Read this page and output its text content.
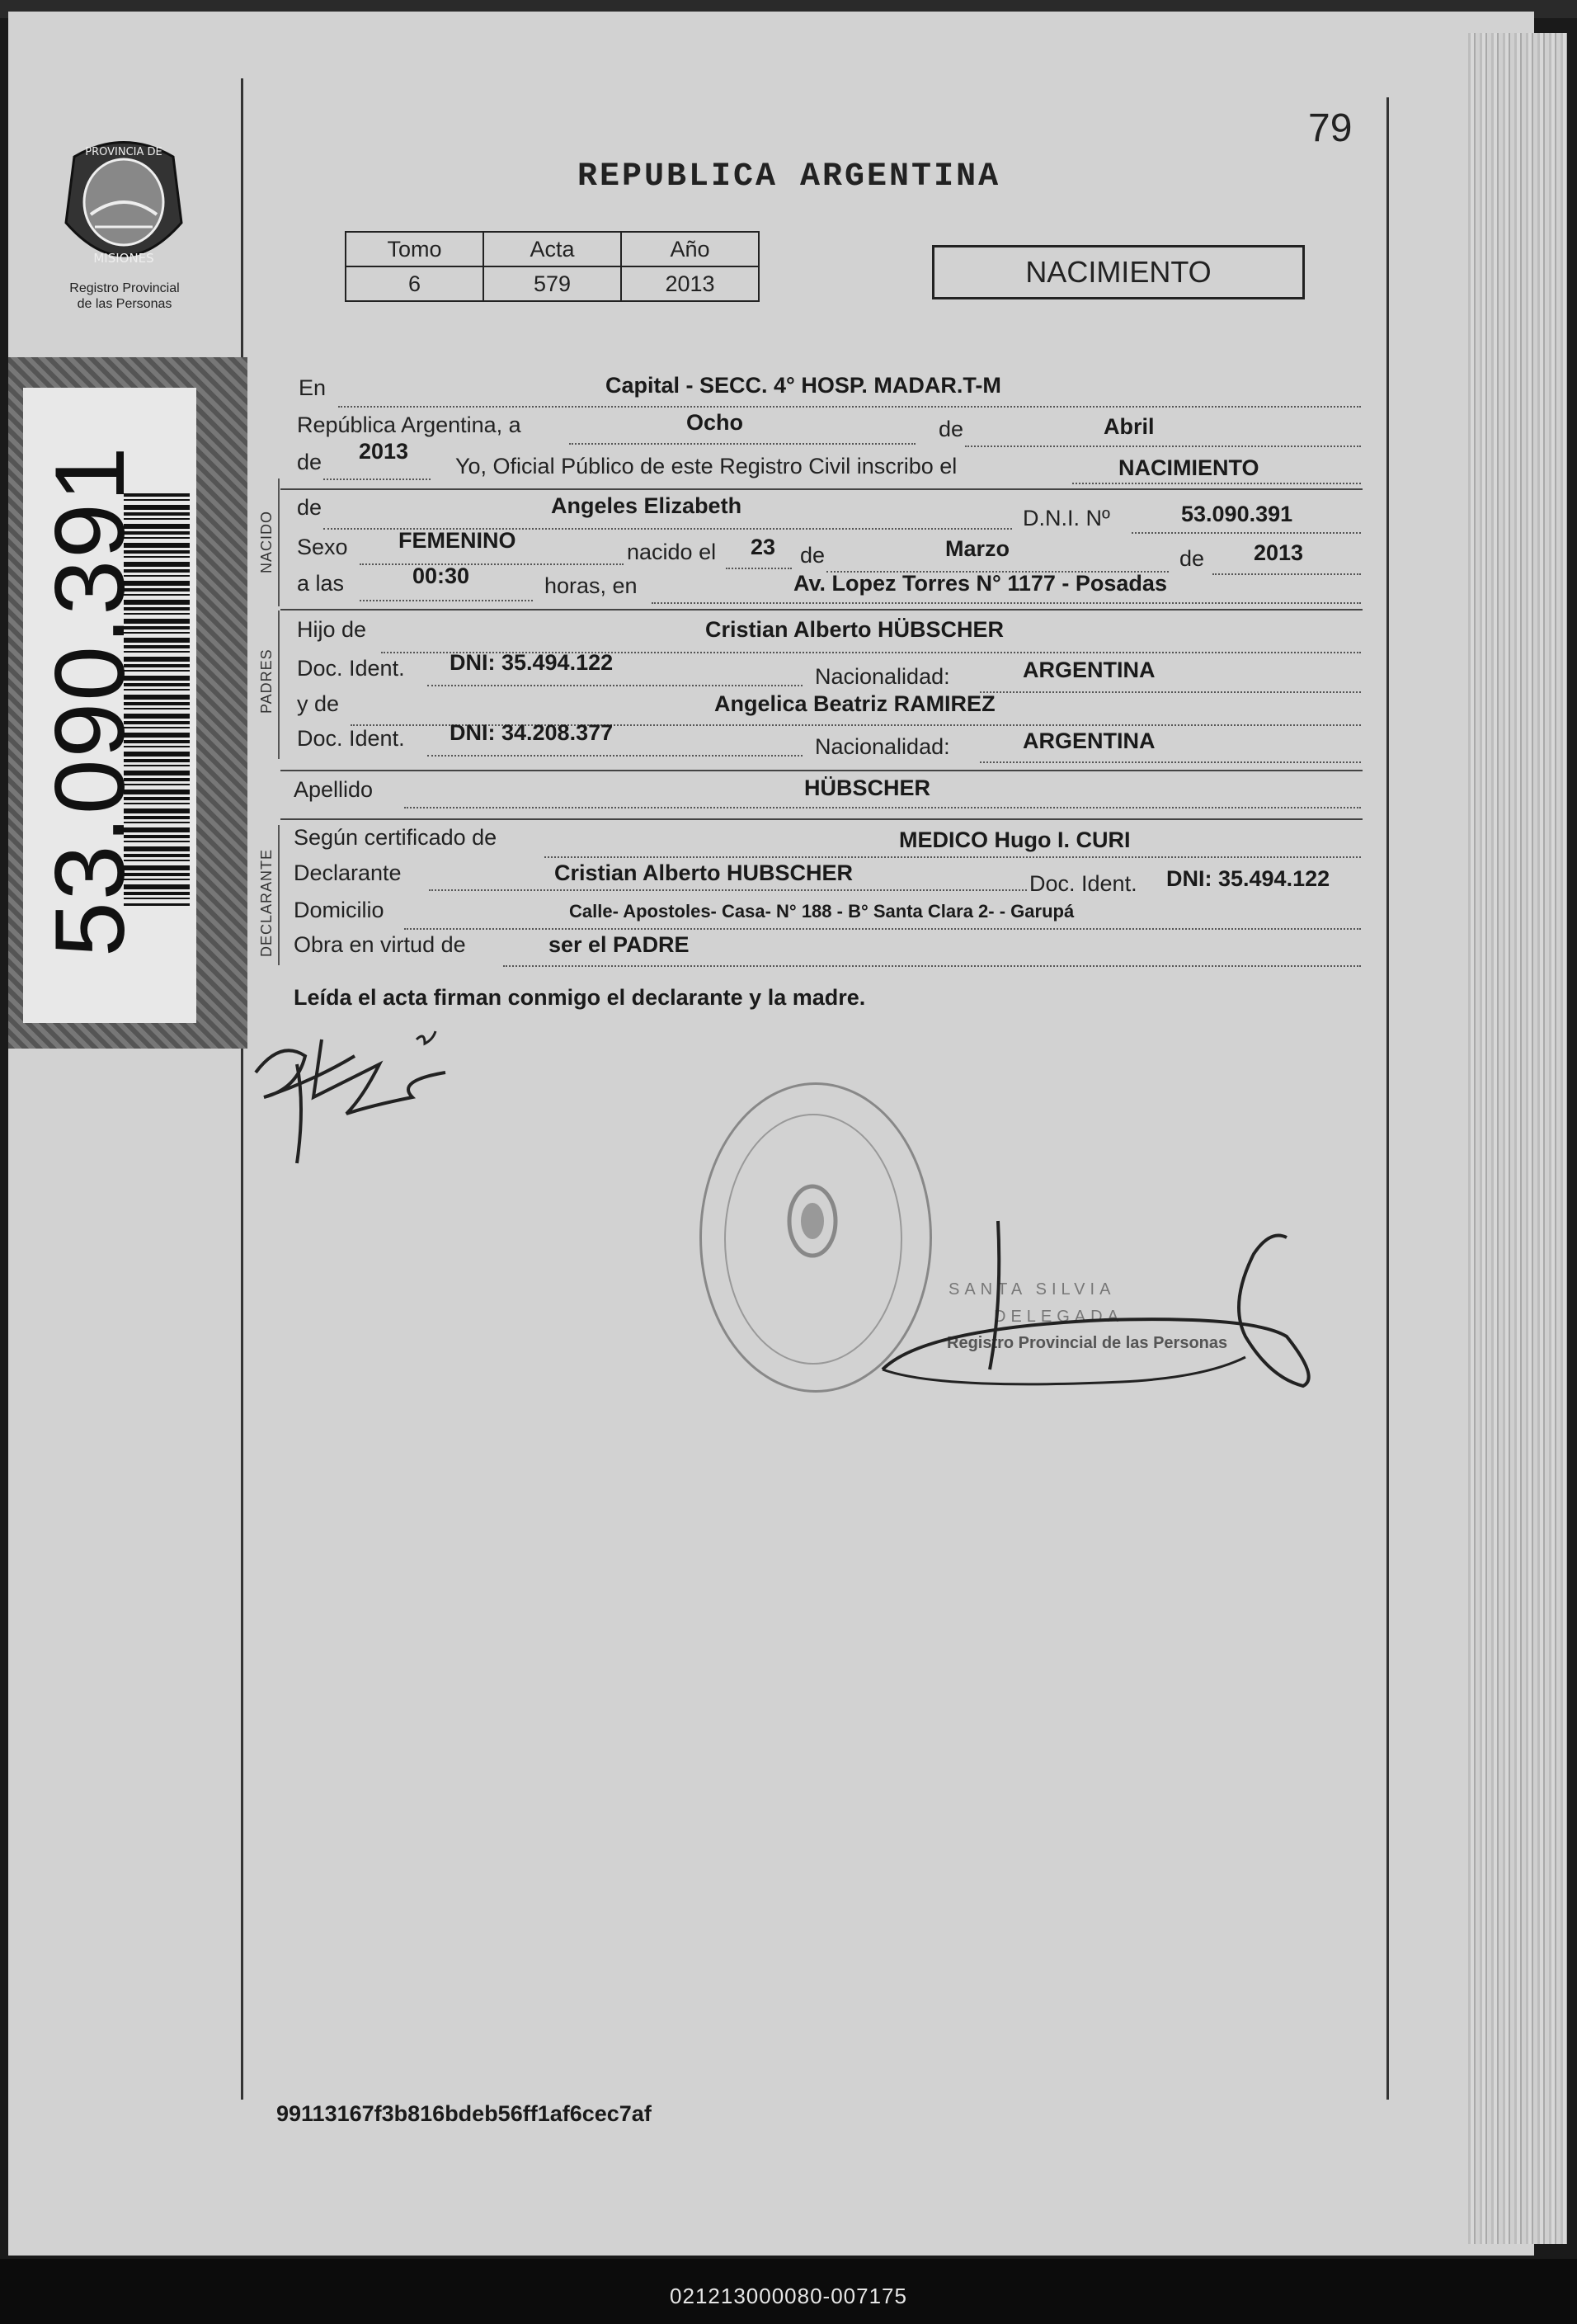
79
PROVINCIA DE
MISIONES
Registro Provincial
de las Personas
REPUBLICA ARGENTINA
Tomo	Acta	Año
6	579	2013	NACIMIENTO
53.090.391	NACIDO
PADRES
DECLARANTE
En	Capital - SECC. 4° HOSP. MADAR.T-M
República Argentina, a	Ocho	de	Abril
de 2013
Yo, Oficial Público de este Registro Civil inscribo el	NACIMIENTO
de	Angeles Elizabeth	D.N.I. Nº	53.090.391
Sexo FEMENINO	nacido el 23 de	Marzo	de 2013
a las	00:30	horas, en	Av. Lopez Torres N° 1177 - Posadas
Hijo de	Cristian Alberto HÜBSCHER
Doc. Ident. DNI: 35.494.122
Nacionalidad:	ARGENTINA
y de	Angelica Beatriz RAMIREZ
Doc. Ident. DNI: 34.208.377
Nacionalidad:	ARGENTINA
Apellido	HÜBSCHER
Según certificado de	MEDICO Hugo I. CURI
Declarante	Cristian Alberto HUBSCHER	Doc. Ident. DNI: 35.494.122
Domicilio	Calle- Apostoles- Casa- N° 188 - B° Santa Clara 2- - Garupá
Obra en virtud de	ser el PADRE
Leída el acta firman conmigo el declarante y la madre.
SANTA SILVIA
DELEGADA
Registro Provincial de las Personas
99113167f3b816bdeb56ff1af6cec7af
021213000080-007175
